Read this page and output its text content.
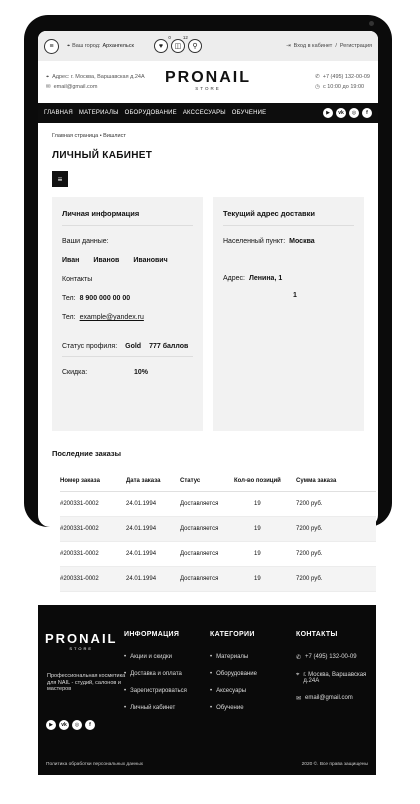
≡	⌖ Ваш город: Архангельск	♥
0
◫
12
⚲	⇥ Вход в кабинет / Регистрация
⌖ Адрес: г. Москва, Варшавская д.24А
✉ email@gmail.com
PRONAIL
STORE
✆ +7 (495) 132-00-09
◷ с 10:00 до 19:00
ГЛАВНАЯ МАТЕРИАЛЫ ОБОРУДОВАНИЕ АКССЕСУАРЫ ОБУЧЕНИЕ	▶	vk	◎	f
Главная страница • Вишлист
ЛИЧНЫЙ КАБИНЕТ
≡
Личная информация
Ваши данные:
Иван Иванов Иванович
Контакты
Тел: 8 900 000 00 00
Тел: example@yandex.ru
Статус профиля: Gold 777 баллов
Скидка:	10%
Текущий адрес доставки
Населенный пункт: Москва
Адрес: Ленина, 1
1
Последние заказы
Номер заказа	Дата заказа	Статус	Кол-во позиций	Сумма заказа
#200331-0002	24.01.1994	Доставляется	19	7200 руб.
#200331-0002	24.01.1994	Доставляется	19	7200 руб.
#200331-0002	24.01.1994	Доставляется	19	7200 руб.
#200331-0002	24.01.1994	Доставляется	19	7200 руб.
PRONAIL
STORE
Профессиональная косметика для NAIL - студий, салонов и мастеров
▶	vk	◎	f
ИНФОРМАЦИЯ
• Акции и скидки
• Доставка и оплата
• Зарегистрироваться
• Личный кабинет
КАТЕГОРИИ
• Материалы
• Оборудование
• Аксесуары
• Обучение
КОНТАКТЫ
✆ +7 (495) 132-00-09
⌖ г. Москва, Варшавская д.24А
✉ email@gmail.com
Политика обработки персональных данных	2020 ©. Все права защищены
